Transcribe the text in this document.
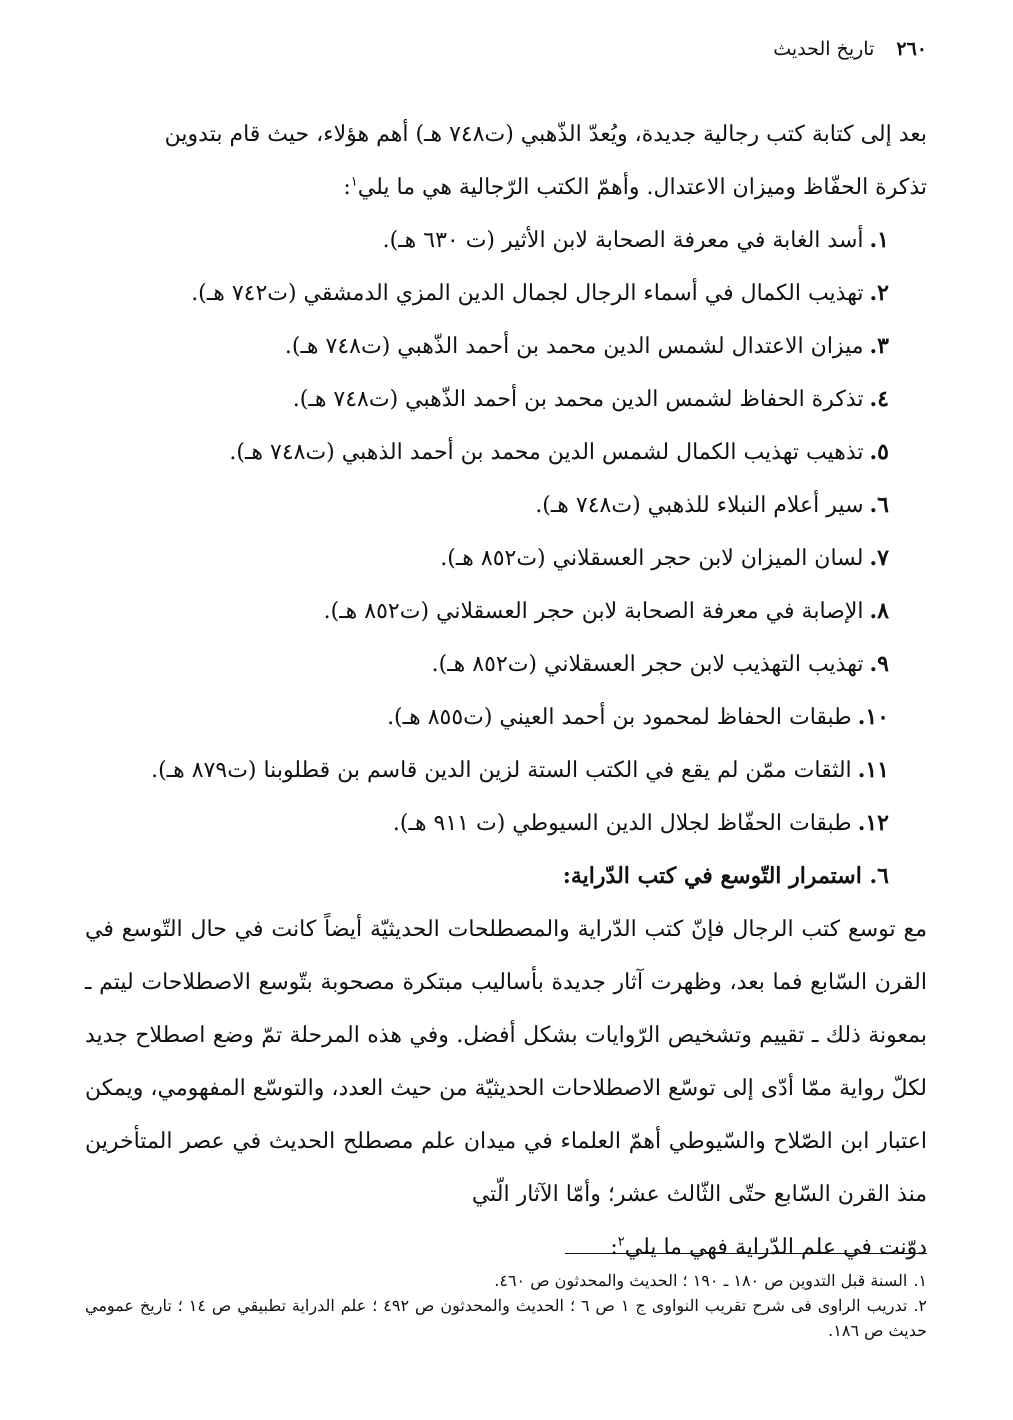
٢٦٠
تاريخ الحديث

بعد إلى كتابة كتب رجالية جديدة، ويُعدّ الذّهبي (ت٧٤٨ هـ) أهم هؤلاء، حيث قام بتدوين

تذكرة الحفّاظ وميزان الاعتدال. وأهمّ الكتب الرّجالية هي ما يلي$^١$:

١.أسد الغابة في معرفة الصحابة لابن الأثير (ت ٦٣٠ هـ).
٢.تهذيب الكمال في أسماء الرجال لجمال الدين المزي الدمشقي (ت٧٤٢ هـ).
٣.ميزان الاعتدال لشمس الدين محمد بن أحمد الذّهبي (ت٧٤٨ هـ).
٤.تذكرة الحفاظ لشمس الدين محمد بن أحمد الذّهبي (ت٧٤٨ هـ).
٥.تذهيب تهذيب الكمال لشمس الدين محمد بن أحمد الذهبي (ت٧٤٨ هـ).
٦.سير أعلام النبلاء للذهبي (ت٧٤٨ هـ).
٧.لسان الميزان لابن حجر العسقلاني (ت٨٥٢ هـ).
٨.الإصابة في معرفة الصحابة لابن حجر العسقلاني (ت٨٥٢ هـ).
٩.تهذيب التهذيب لابن حجر العسقلاني (ت٨٥٢ هـ).
١٠.طبقات الحفاظ لمحمود بن أحمد العيني (ت٨٥٥ هـ).
١١.الثقات ممّن لم يقع في الكتب الستة لزين الدين قاسم بن قطلوبنا (ت٨٧٩ هـ).
١٢.طبقات الحفّاظ لجلال الدين السيوطي (ت ٩١١ هـ).

٦. استمرار التّوسع في كتب الدّراية:

مع توسع كتب الرجال فإنّ كتب الدّراية والمصطلحات الحديثيّة أيضاً كانت في حال التّوسع في القرن السّابع فما بعد، وظهرت آثار جديدة بأساليب مبتكرة مصحوبة بتّوسع الاصطلاحات ليتم ـ بمعونة ذلك ـ تقييم وتشخيص الرّوايات بشكل أفضل. وفي هذه المرحلة تمّ وضع اصطلاح جديد لكلّ رواية ممّا أدّى إلى توسّع الاصطلاحات الحديثيّة من حيث العدد، والتوسّع المفهومي، ويمكن اعتبار ابن الصّلاح والسّيوطي أهمّ العلماء في ميدان علم مصطلح الحديث في عصر المتأخرين منذ القرن السّابع حتّى الثّالث عشر؛ وأمّا الآثار الّتي

دوّنت في علم الدّراية فهي ما يلي$^٢$:

١.السنة قبل التدوين ص ١٨٠ ـ ١٩٠ ؛ الحديث والمحدثون ص ٤٦٠.

٢.تدريب الراوى فى شرح تقريب النواوى ج ١ ص ٦ ؛ الحديث والمحدثون ص ٤٩٢ ؛ علم الدراية تطبيقي ص ١٤ ؛ تاريخ عمومي حديث ص ١٨٦.
